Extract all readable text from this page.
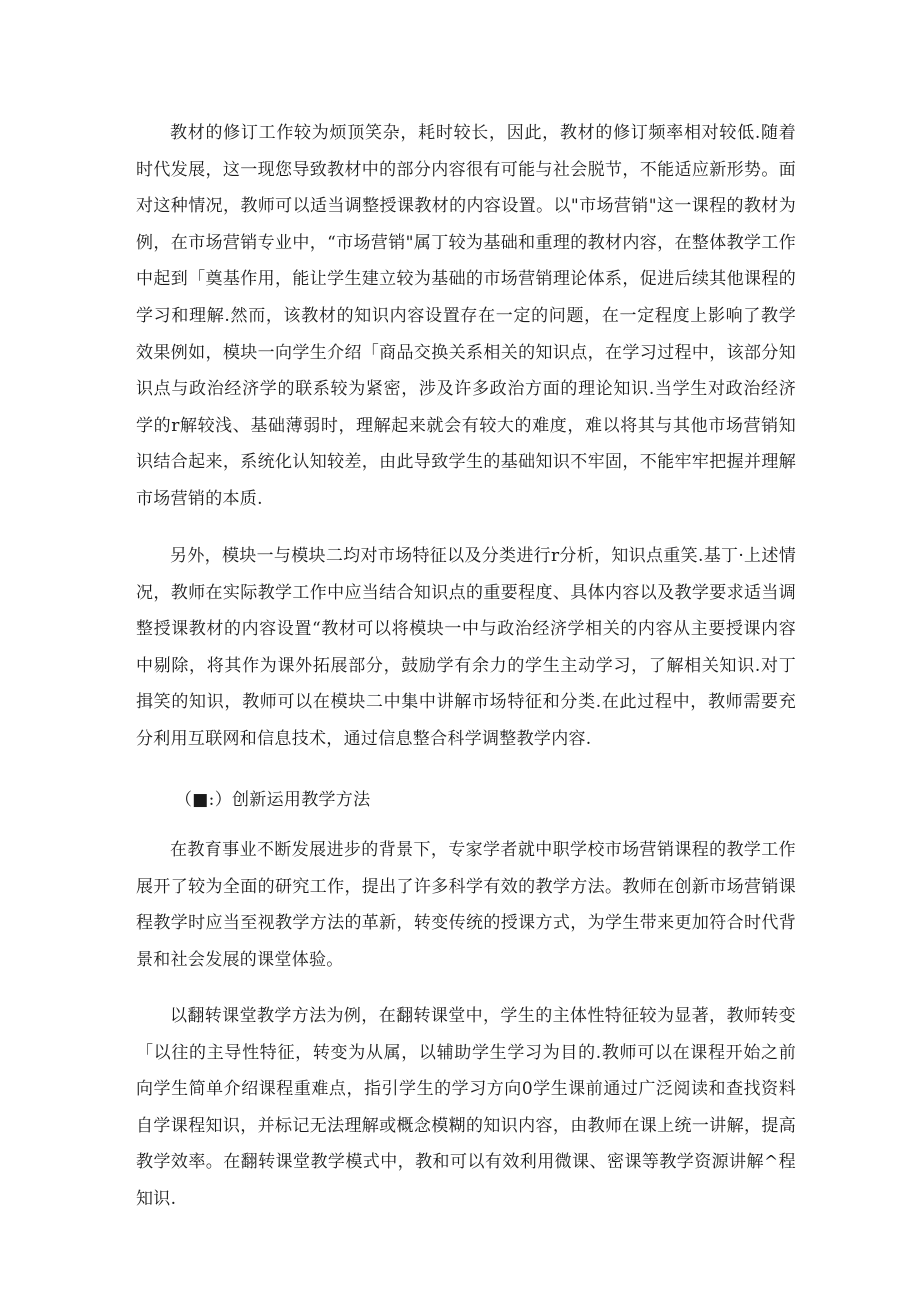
教材的修订工作较为烦顶笑杂，耗时较长，因此，教材的修订频率相对较低.随着时代发展，这一现您导致教材中的部分内容很有可能与社会脱节，不能适应新形势。面对这种情况，教师可以适当调整授课教材的内容设置。以"市场营销"这一课程的教材为例，在市场营销专业中，“市场营销"属丁较为基础和重理的教材内容，在整体教学工作中起到「奠基作用，能让学生建立较为基础的市场营销理论体系，促进后续其他课程的学习和理解.然而，该教材的知识内容设置存在一定的问题，在一定程度上影响了教学效果例如，模块一向学生介绍「商品交换关系相关的知识点，在学习过程中，该部分知识点与政治经济学的联系较为紧密，涉及许多政治方面的理论知识.当学生对政治经济学的r解较浅、基础薄弱时，理解起来就会有较大的难度，难以将其与其他市场营销知识结合起来，系统化认知较差，由此导致学生的基础知识不牢固，不能牢牢把握并理解市场营销的本质.

另外，模块一与模块二均对市场特征以及分类进行r分析，知识点重笑.基丁·上述情况，教师在实际教学工作中应当结合知识点的重要程度、具体内容以及教学要求适当调整授课教材的内容设置“教材可以将模块一中与政治经济学相关的内容从主要授课内容中剔除，将其作为课外拓展部分，鼓励学有余力的学生主动学习，了解相关知识.对丁揖笑的知识，教师可以在模块二中集中讲解市场特征和分类.在此过程中，教师需要充分利用互联网和信息技术，通过信息整合科学调整教学内容.

（■:）创新运用教学方法

在教育事业不断发展进步的背景下，专家学者就中职学校市场营销课程的教学工作展开了较为全面的研究工作，提出了许多科学有效的教学方法。教师在创新市场营销课程教学时应当至视教学方法的革新，转变传统的授课方式，为学生带来更加符合时代背景和社会发展的课堂体验。

以翻转课堂教学方法为例，在翻转课堂中，学生的主体性特征较为显著，教师转变「以往的主导性特征，转变为从属，以辅助学生学习为目的.教师可以在课程开始之前向学生简单介绍课程重难点，指引学生的学习方向0学生课前通过广泛阅读和查找资料自学课程知识，并标记无法理解或概念模糊的知识内容，由教师在课上统一讲解，提高教学效率。在翻转课堂教学模式中，教和可以有效利用微课、密课等教学资源讲解^程知识.
